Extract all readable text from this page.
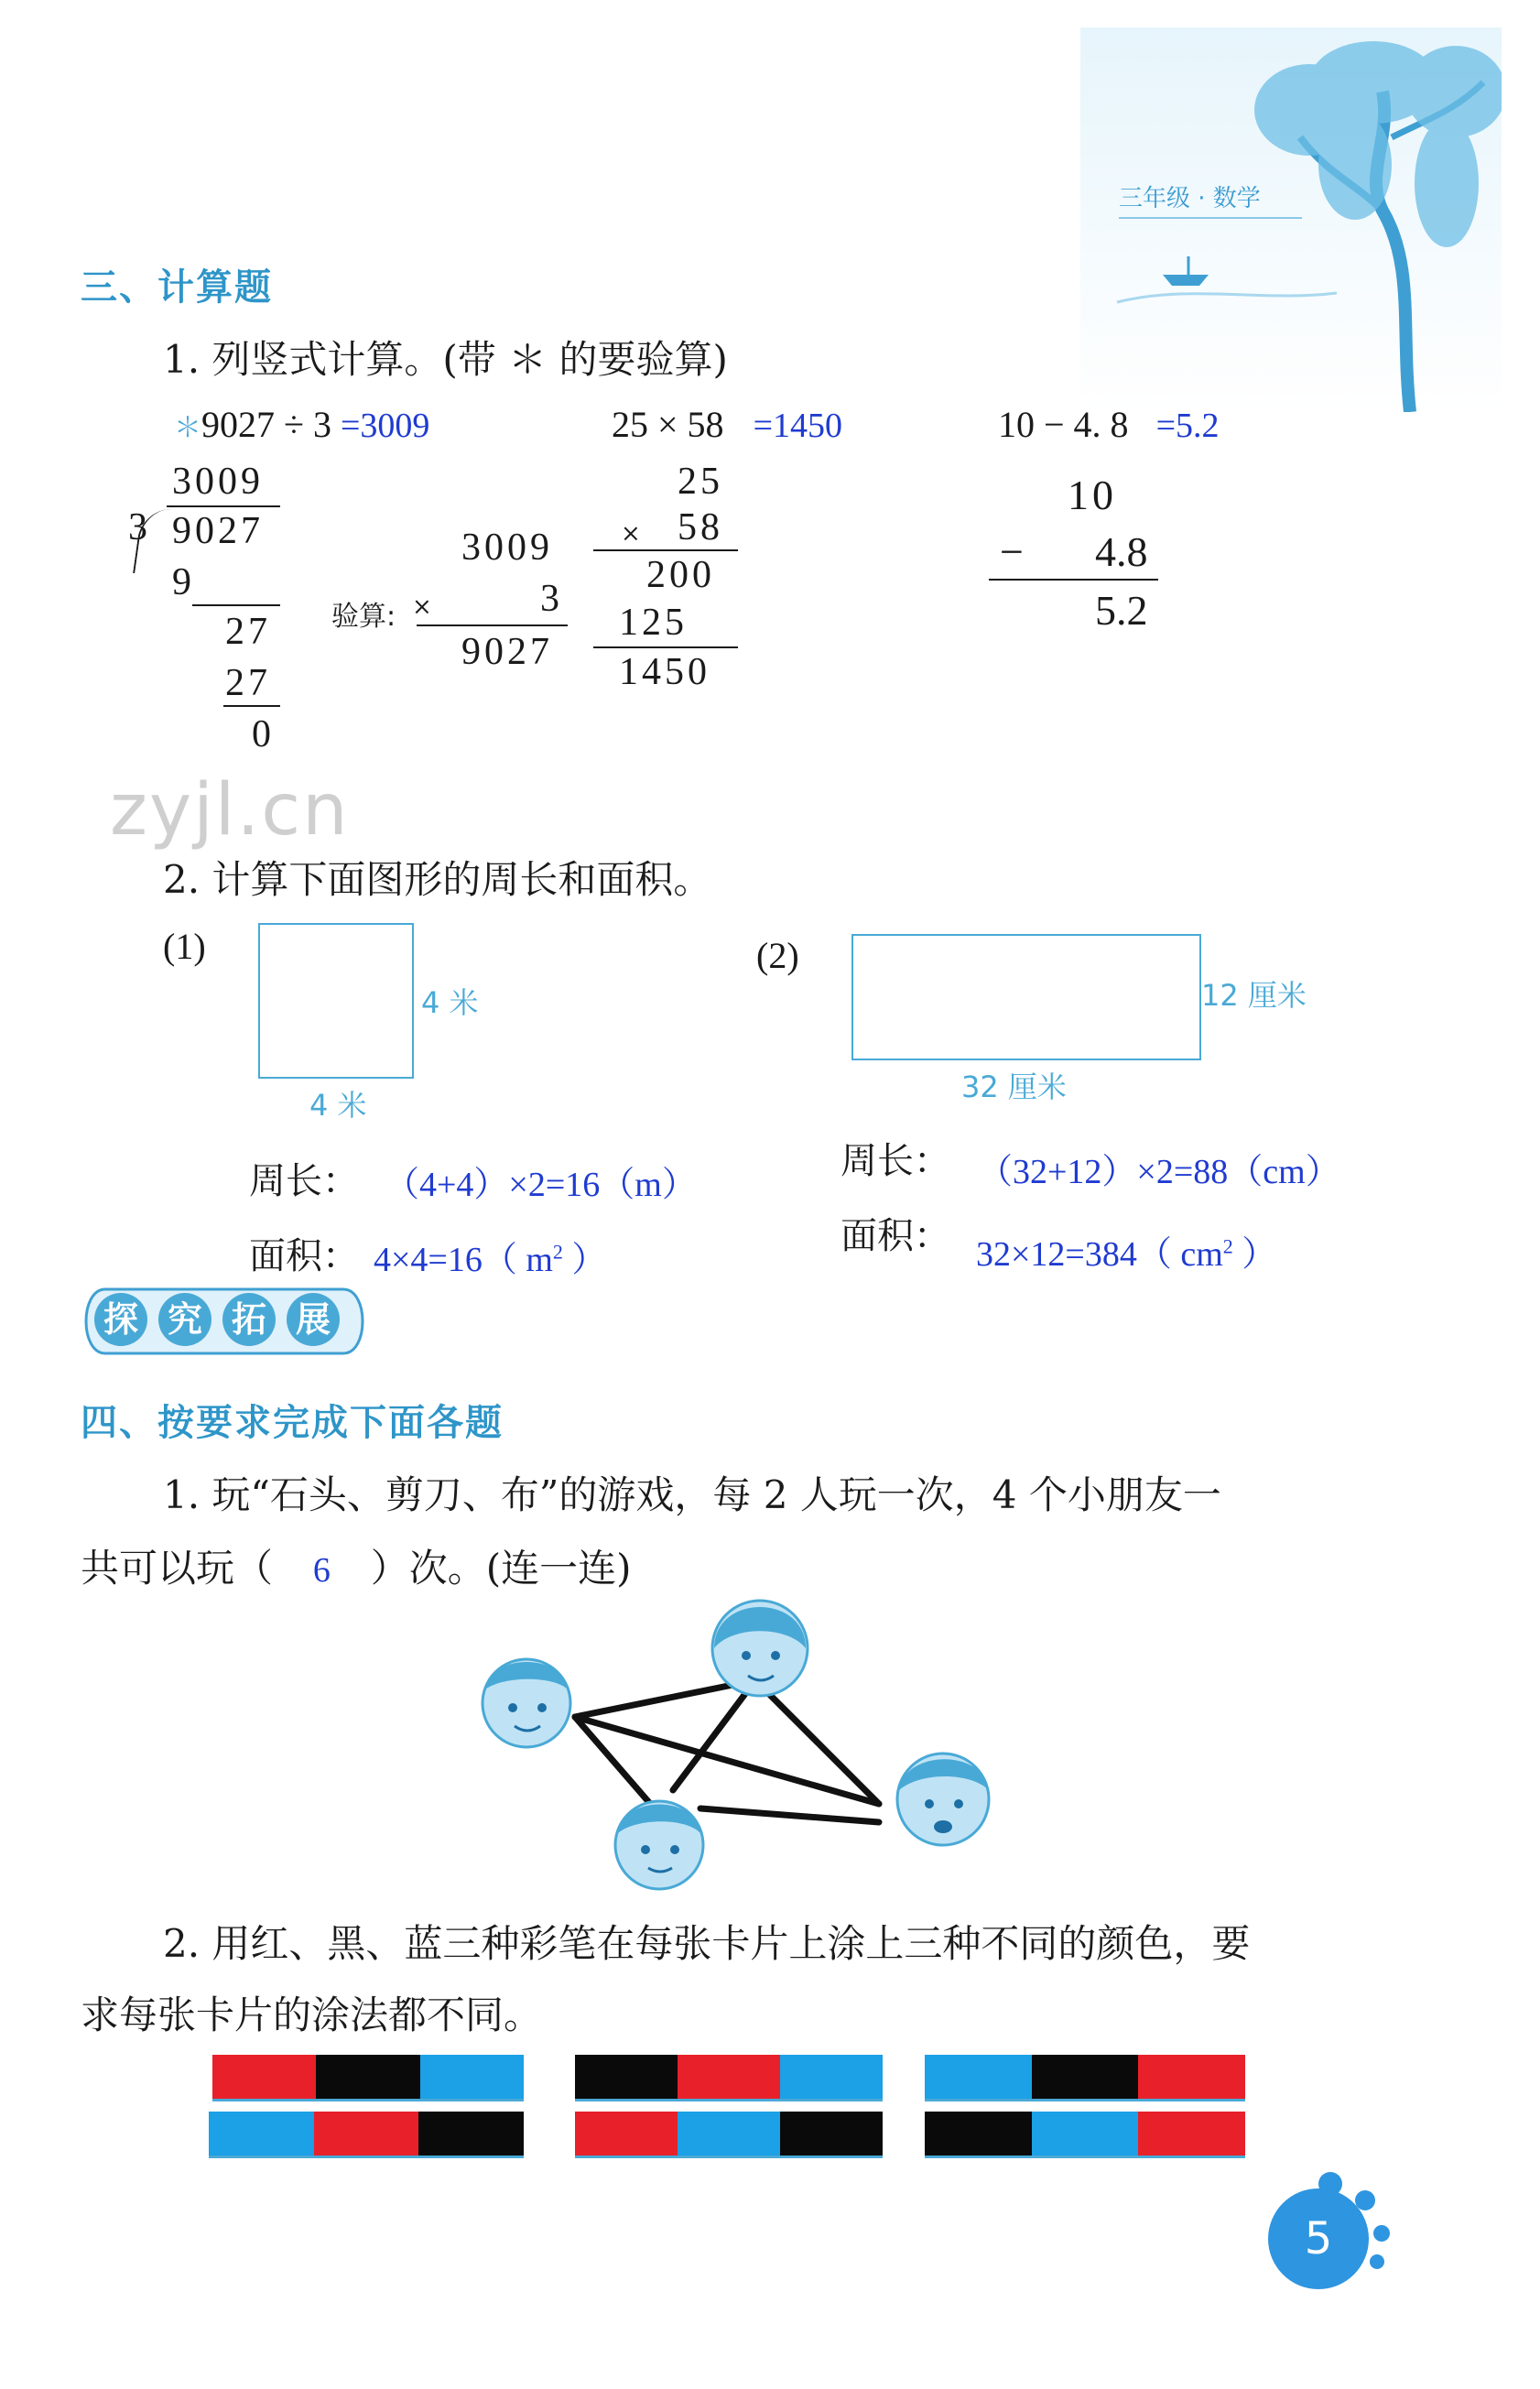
三年级 · 数学
三、计算题
1. 列竖式计算。(带 ＊ 的要验算)
＊9027 ÷ 3 =3009	25 × 58 =1450	10 − 4. 8 =5.2
3009
3 9027
9
27
27
0
验算:
3009
×	3
9027
25
× 58
200
125
1450
10
− 4.8
5.2
zyjl.cn
2. 计算下面图形的周长和面积。
(1)
4 米
4 米
周长： （4+4）×2=16（m）
面积： 4×4=16（ $m^2$ ）
(2)
12 厘米
32 厘米
周长： （32+12）×2=88（cm）
面积： 32×12=384（ $cm^2$ ）
探 究 拓 展
四、按要求完成下面各题
1. 玩“石头、剪刀、布”的游戏，每 2 人玩一次，4 个小朋友一
共可以玩（ 6 ）次。(连一连)
2. 用红、黑、蓝三种彩笔在每张卡片上涂上三种不同的颜色，要
求每张卡片的涂法都不同。
5
